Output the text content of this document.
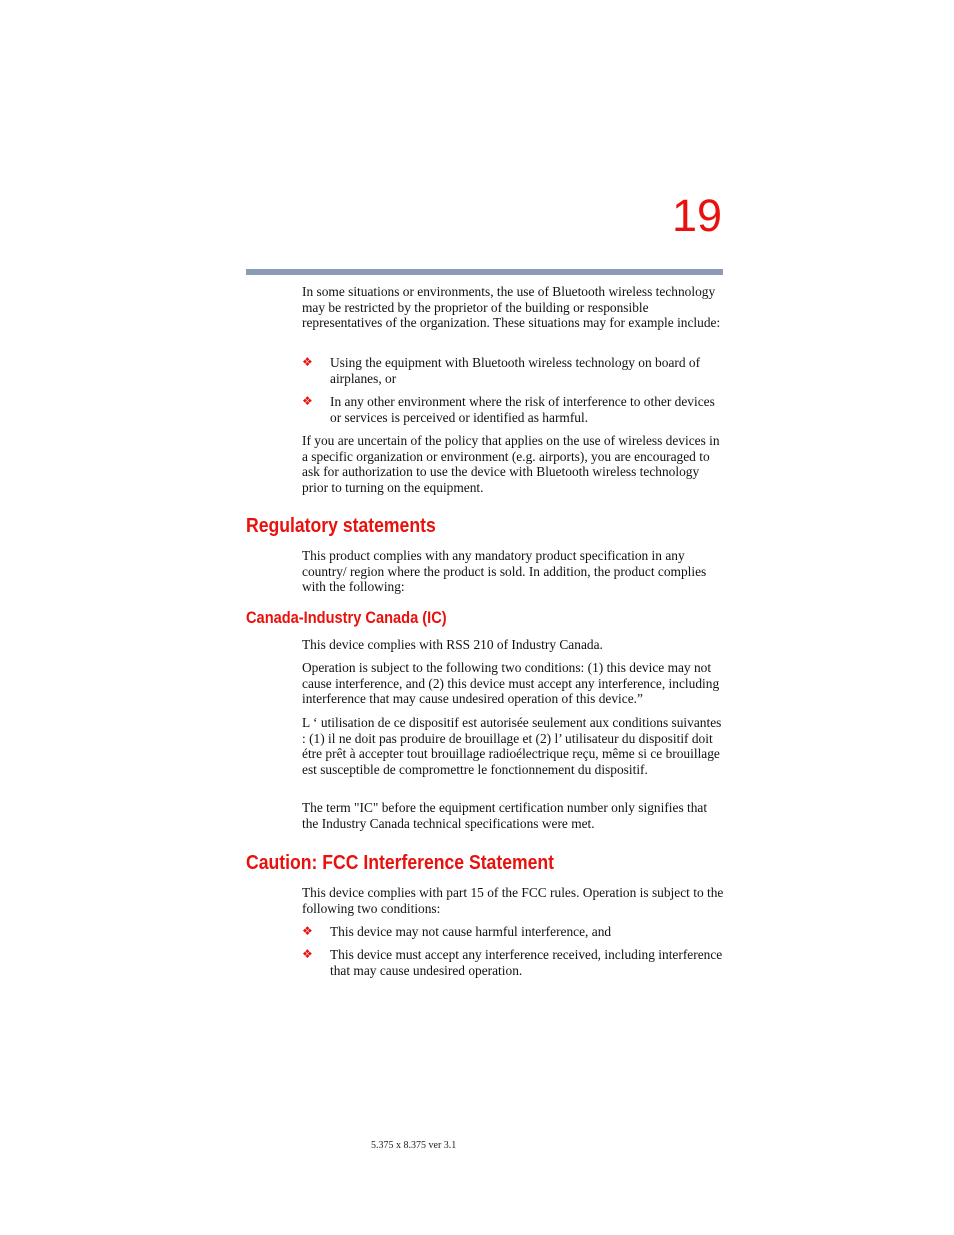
19

In some situations or environments, the use of Bluetooth wireless technology may be restricted by the proprietor of the building or responsible representatives of the organization. These situations may for example include:

❖ Using the equipment with Bluetooth wireless technology on board of airplanes, or
❖ In any other environment where the risk of interference to other devices or services is perceived or identified as harmful.

If you are uncertain of the policy that applies on the use of wireless devices in a specific organization or environment (e.g. airports), you are encouraged to ask for authorization to use the device with Bluetooth wireless technology prior to turning on the equipment.

Regulatory statements

This product complies with any mandatory product specification in any country/ region where the product is sold. In addition, the product complies with the following:

Canada-Industry Canada (IC)

This device complies with RSS 210 of Industry Canada.

Operation is subject to the following two conditions: (1) this device may not cause interference, and (2) this device must accept any interference, including interference that may cause undesired operation of this device.”

L ‘ utilisation de ce dispositif est autorisée seulement aux conditions suivantes : (1) il ne doit pas produire de brouillage et (2) l’ utilisateur du dispositif doit étre prêt à accepter tout brouillage radioélectrique reçu, même si ce brouillage est susceptible de compromettre le fonctionnement du dispositif.

The term "IC" before the equipment certification number only signifies that the Industry Canada technical specifications were met.

Caution: FCC Interference Statement

This device complies with part 15 of the FCC rules. Operation is subject to the following two conditions:

❖ This device may not cause harmful interference, and
❖ This device must accept any interference received, including interference that may cause undesired operation.
5.375 x 8.375 ver 3.1
